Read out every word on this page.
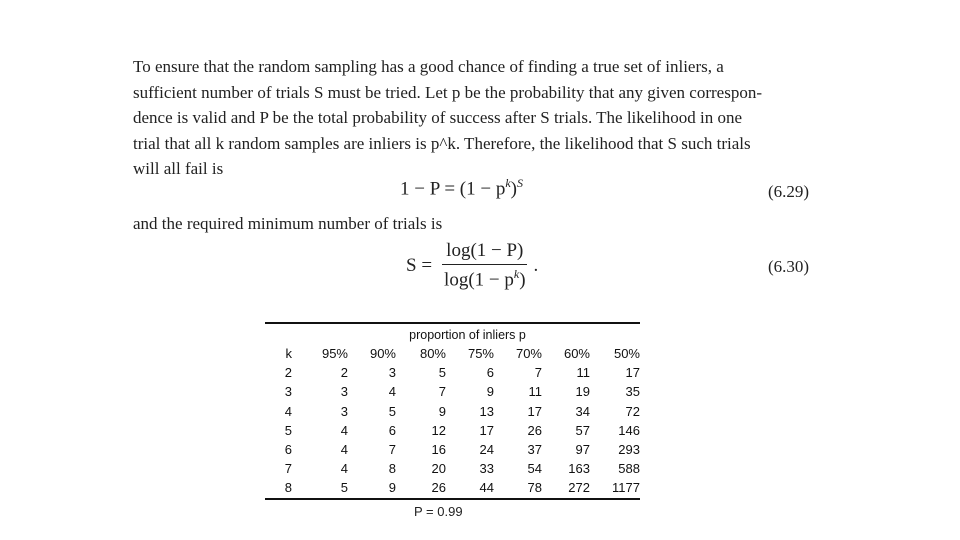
To ensure that the random sampling has a good chance of finding a true set of inliers, a
sufficient number of trials S must be tried. Let p be the probability that any given correspon-
dence is valid and P be the total probability of success after S trials. The likelihood in one
trial that all k random samples are inliers is p^k. Therefore, the likelihood that S such trials
will all fail is
$1 - P = (1 - p^k)^S$	(6.29)
and the required minimum number of trials is
$S = \frac{\log(1 - P)}{\log(1 - p^k)}$ .	(6.30)
proportion of inliers p
k	95%	90%	80%	75%	70%	60%	50%
2	2	3	5	6	7	11	17
3	3	4	7	9	11	19	35
4	3	5	9	13	17	34	72
5	4	6	12	17	26	57	146
6	4	7	16	24	37	97	293
7	4	8	20	33	54	163	588
8	5	9	26	44	78	272	1177
P = 0.99
